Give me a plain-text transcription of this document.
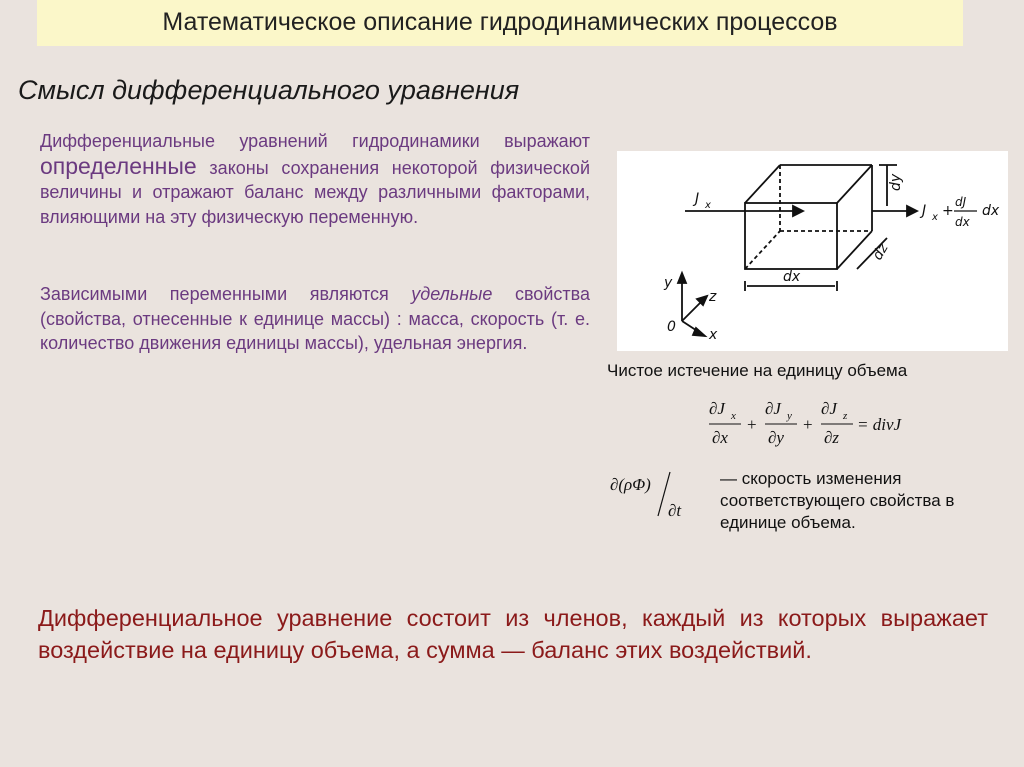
Математическое описание гидродинамических процессов
Смысл дифференциального уравнения
Дифференциальные уравнений гидродинамики выражают определенные законы сохранения некоторой физической величины и отражают баланс между различными факторами, влияющими на эту физическую переменную.
Зависимыми переменными являются удельные свойства (свойства, отнесенные к единице массы) : масса, скорость (т. е. количество движения единицы массы), удельная энергия.
J x
dy
dz
dx
J x +
dJ
dx
dx
y
z
x
0
Чистое истечение на единицу объема
∂J x
∂x
+
∂J y
∂y
+
∂J z
∂z
= divJ
∂(ρΦ)
∂t
— скорость изменения соответствующего свойства в единице объема.
Дифференциальное уравнение состоит из членов, каждый из которых выражает воздействие на единицу объема, а сумма — баланс этих воздействий.
